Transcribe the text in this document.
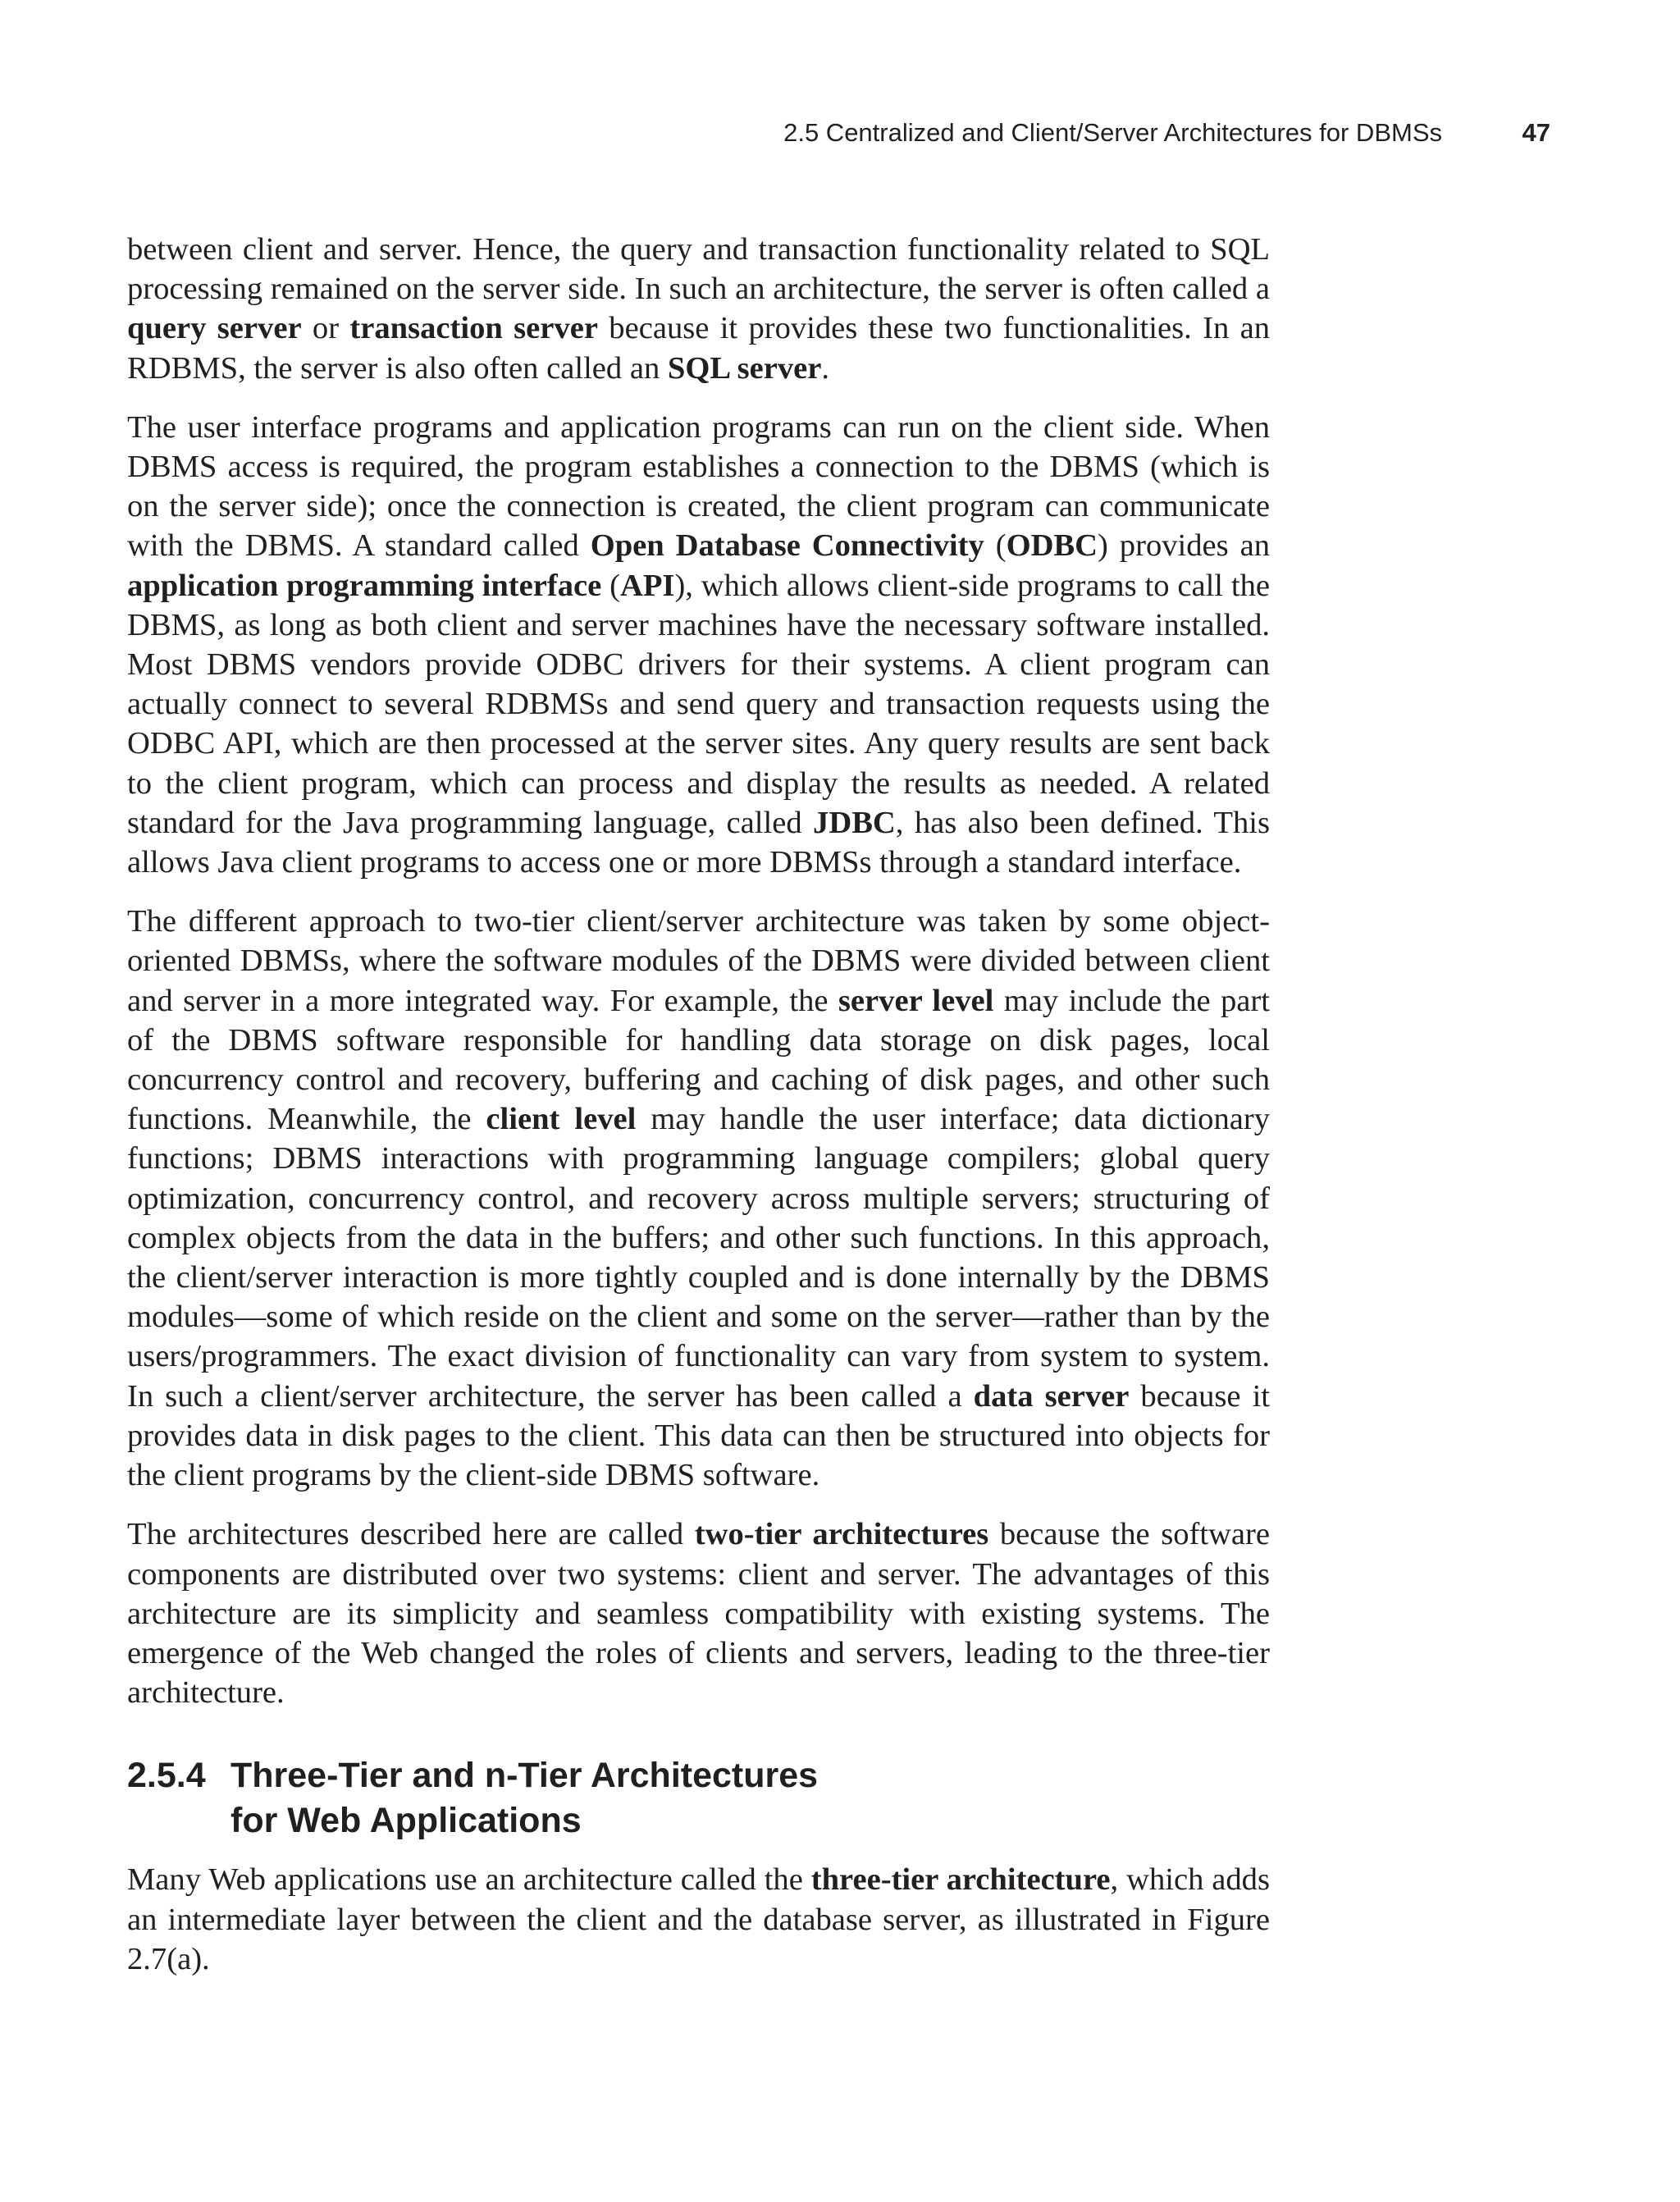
2.5 Centralized and Client/Server Architectures for DBMSs	47

between client and server. Hence, the query and transaction functionality related to SQL processing remained on the server side. In such an architecture, the server is often called a query server or transaction server because it provides these two functionalities. In an RDBMS, the server is also often called an SQL server.

The user interface programs and application programs can run on the client side. When DBMS access is required, the program establishes a connection to the DBMS (which is on the server side); once the connection is created, the client program can communicate with the DBMS. A standard called Open Database Connectivity (ODBC) provides an application programming interface (API), which allows client-side programs to call the DBMS, as long as both client and server machines have the necessary software installed. Most DBMS vendors provide ODBC drivers for their systems. A client program can actually connect to several RDBMSs and send query and transaction requests using the ODBC API, which are then processed at the server sites. Any query results are sent back to the client program, which can process and display the results as needed. A related standard for the Java programming language, called JDBC, has also been defined. This allows Java client programs to access one or more DBMSs through a standard interface.

The different approach to two-tier client/server architecture was taken by some object-oriented DBMSs, where the software modules of the DBMS were divided between client and server in a more integrated way. For example, the server level may include the part of the DBMS software responsible for handling data storage on disk pages, local concurrency control and recovery, buffering and caching of disk pages, and other such functions. Meanwhile, the client level may handle the user interface; data dictionary functions; DBMS interactions with programming language compilers; global query optimization, concurrency control, and recovery across multiple servers; structuring of complex objects from the data in the buffers; and other such functions. In this approach, the client/server interaction is more tightly coupled and is done internally by the DBMS modules—some of which reside on the client and some on the server—rather than by the users/programmers. The exact division of functionality can vary from system to system. In such a client/server architecture, the server has been called a data server because it provides data in disk pages to the client. This data can then be structured into objects for the client programs by the client-side DBMS software.

The architectures described here are called two-tier architectures because the software components are distributed over two systems: client and server. The advantages of this architecture are its simplicity and seamless compatibility with existing systems. The emergence of the Web changed the roles of clients and servers, leading to the three-tier architecture.

2.5.4 Three-Tier and n-Tier Architectures
for Web Applications

Many Web applications use an architecture called the three-tier architecture, which adds an intermediate layer between the client and the database server, as illustrated in Figure 2.7(a).
